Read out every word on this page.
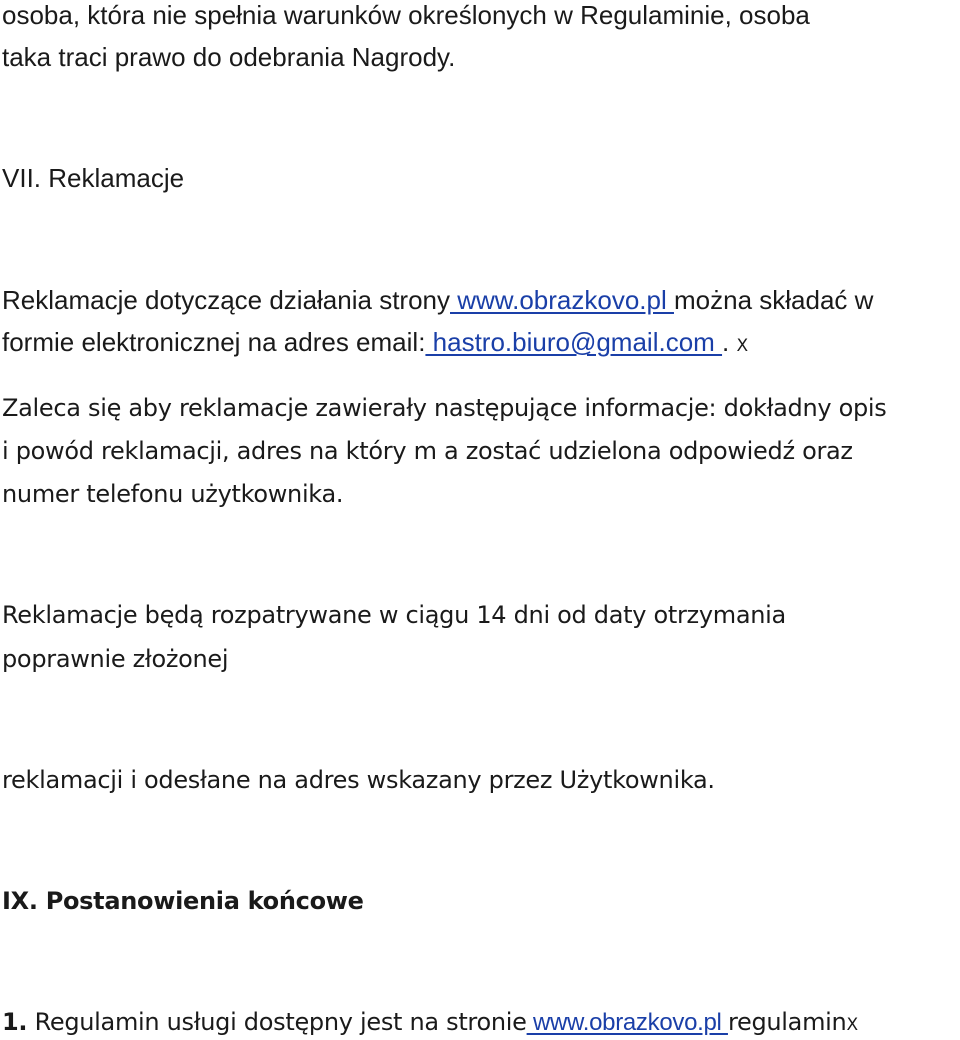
osoba, która nie spełnia warunków określonych w Regulaminie, osoba
taka traci prawo do odebrania Nagrody.
VII. Reklamacje
Reklamacje dotyczące działania strony www.obrazkovo.pl można składać w
formie elektronicznej na adres email: hastro.biuro@gmail.com . X
Zaleca się aby reklamacje zawierały następujące informacje: dokładny opis
i powód reklamacji, adres na który m a zostać udzielona odpowiedź oraz
numer telefonu użytkownika.
Reklamacje będą rozpatrywane w ciągu 14 dni od daty otrzymania
poprawnie złożonej
reklamacji i odesłane na adres wskazany przez Użytkownika.
IX. Postanowienia końcowe
1. Regulamin usługi dostępny jest na stronie www.obrazkovo.pl regulaminX
